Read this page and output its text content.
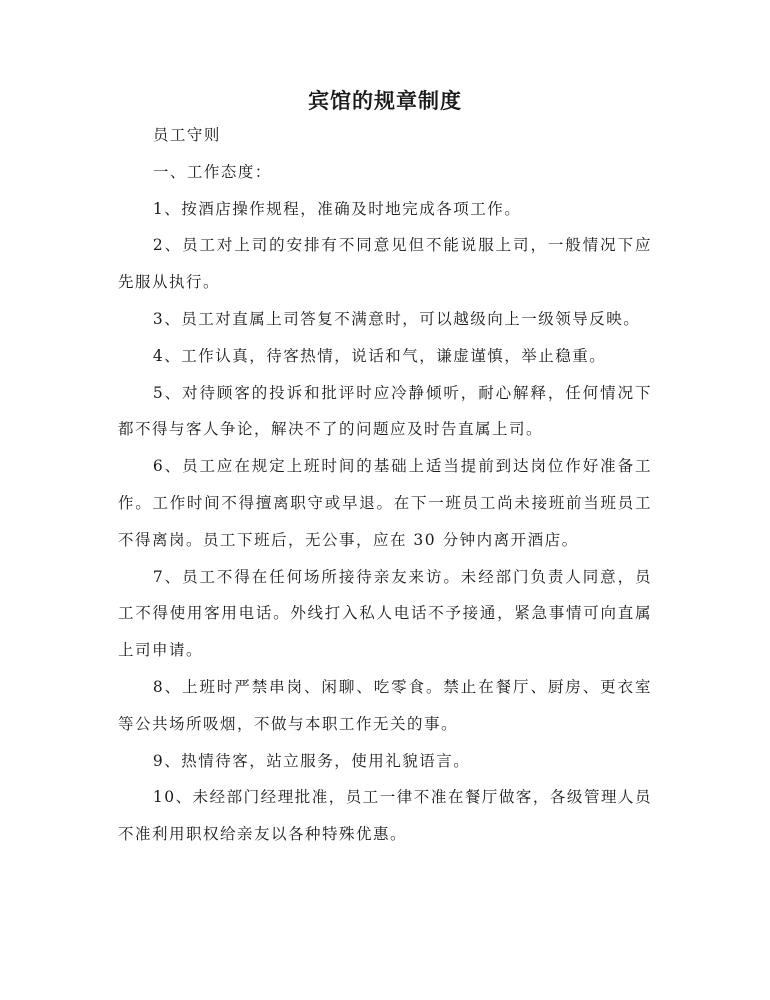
宾馆的规章制度

员工守则

一、工作态度：

1、按酒店操作规程，准确及时地完成各项工作。

2、员工对上司的安排有不同意见但不能说服上司，一般情况下应先服从执行。

3、员工对直属上司答复不满意时，可以越级向上一级领导反映。

4、工作认真，待客热情，说话和气，谦虚谨慎，举止稳重。

5、对待顾客的投诉和批评时应冷静倾听，耐心解释，任何情况下都不得与客人争论，解决不了的问题应及时告直属上司。

6、员工应在规定上班时间的基础上适当提前到达岗位作好准备工作。工作时间不得擅离职守或早退。在下一班员工尚未接班前当班员工不得离岗。员工下班后，无公事，应在 30 分钟内离开酒店。

7、员工不得在任何场所接待亲友来访。未经部门负责人同意，员工不得使用客用电话。外线打入私人电话不予接通，紧急事情可向直属上司申请。

8、上班时严禁串岗、闲聊、吃零食。禁止在餐厅、厨房、更衣室等公共场所吸烟，不做与本职工作无关的事。

9、热情待客，站立服务，使用礼貌语言。

10、未经部门经理批准，员工一律不准在餐厅做客，各级管理人员不准利用职权给亲友以各种特殊优惠。
